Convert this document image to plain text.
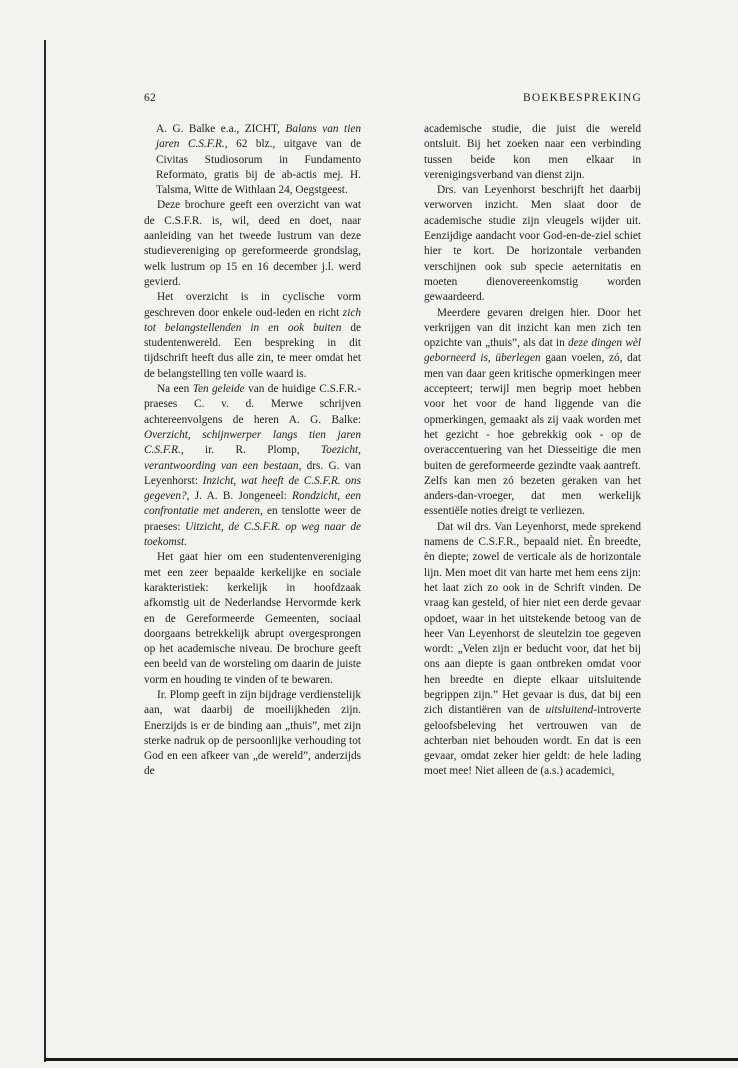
62	BOEKBESPREKING

A. G. Balke e.a., ZICHT, Balans van tien jaren C.S.F.R., 62 blz., uitgave van de Civitas Studiosorum in Fundamento Reformato, gratis bij de ab-actis mej. H. Talsma, Witte de Withlaan 24, Oegstgeest.

Deze brochure geeft een overzicht van wat de C.S.F.R. is, wil, deed en doet, naar aanleiding van het tweede lustrum van deze studievereniging op gereformeerde grondslag, welk lustrum op 15 en 16 december j.l. werd gevierd.

Het overzicht is in cyclische vorm geschreven door enkele oud-leden en richt zich tot belangstellenden in en ook buiten de studentenwereld. Een bespreking in dit tijdschrift heeft dus alle zin, te meer omdat het de belangstelling ten volle waard is.

Na een Ten geleide van de huidige C.S.F.R.-praeses C. v. d. Merwe schrijven achtereenvolgens de heren A. G. Balke: Overzicht, schijnwerper langs tien jaren C.S.F.R., ir. R. Plomp, Toezicht, verantwoording van een bestaan, drs. G. van Leyenhorst: Inzicht, wat heeft de C.S.F.R. ons gegeven?, J. A. B. Jongeneel: Rondzicht, een confrontatie met anderen, en tenslotte weer de praeses: Uitzicht, de C.S.F.R. op weg naar de toekomst.

Het gaat hier om een studentenvereniging met een zeer bepaalde kerkelijke en sociale karakteristiek: kerkelijk in hoofdzaak afkomstig uit de Nederlandse Hervormde kerk en de Gereformeerde Gemeenten, sociaal doorgaans betrekkelijk abrupt overgesprongen op het academische niveau. De brochure geeft een beeld van de worsteling om daarin de juiste vorm en houding te vinden of te bewaren.

Ir. Plomp geeft in zijn bijdrage verdienstelijk aan, wat daarbij de moeilijkheden zijn. Enerzijds is er de binding aan „thuis”, met zijn sterke nadruk op de persoonlijke verhouding tot God en een afkeer van „de wereld”, anderzijds de

academische studie, die juist die wereld ontsluit. Bij het zoeken naar een verbinding tussen beide kon men elkaar in verenigingsverband van dienst zijn.

Drs. van Leyenhorst beschrijft het daarbij verworven inzicht. Men slaat door de academische studie zijn vleugels wijder uit. Eenzijdige aandacht voor God-en-de-ziel schiet hier te kort. De horizontale verbanden verschijnen ook sub specie aeternitatis en moeten dienovereenkomstig worden gewaardeerd.

Meerdere gevaren dreigen hier. Door het verkrijgen van dit inzicht kan men zich ten opzichte van „thuis”, als dat in deze dingen wèl geborneerd is, überlegen gaan voelen, zó, dat men van daar geen kritische opmerkingen meer accepteert; terwijl men begrip moet hebben voor het voor de hand liggende van die opmerkingen, gemaakt als zij vaak worden met het gezicht - hoe gebrekkig ook - op de overaccentuering van het Diesseitige die men buiten de gereformeerde gezindte vaak aantreft. Zelfs kan men zó bezeten geraken van het anders-dan-vroeger, dat men werkelijk essentiële noties dreigt te verliezen.

Dat wil drs. Van Leyenhorst, mede sprekend namens de C.S.F.R., bepaald niet. Èn breedte, èn diepte; zowel de verticale als de horizontale lijn. Men moet dit van harte met hem eens zijn: het laat zich zo ook in de Schrift vinden. De vraag kan gesteld, of hier niet een derde gevaar opdoet, waar in het uitstekende betoog van de heer Van Leyenhorst de sleutelzin toe gegeven wordt: „Velen zijn er beducht voor, dat het bij ons aan diepte is gaan ontbreken omdat voor hen breedte en diepte elkaar uitsluitende begrippen zijn.” Het gevaar is dus, dat bij een zich distantiëren van de uitsluitend-introverte geloofsbeleving het vertrouwen van de achterban niet behouden wordt. En dat is een gevaar, omdat zeker hier geldt: de hele lading moet mee! Niet alleen de (a.s.) academici,
